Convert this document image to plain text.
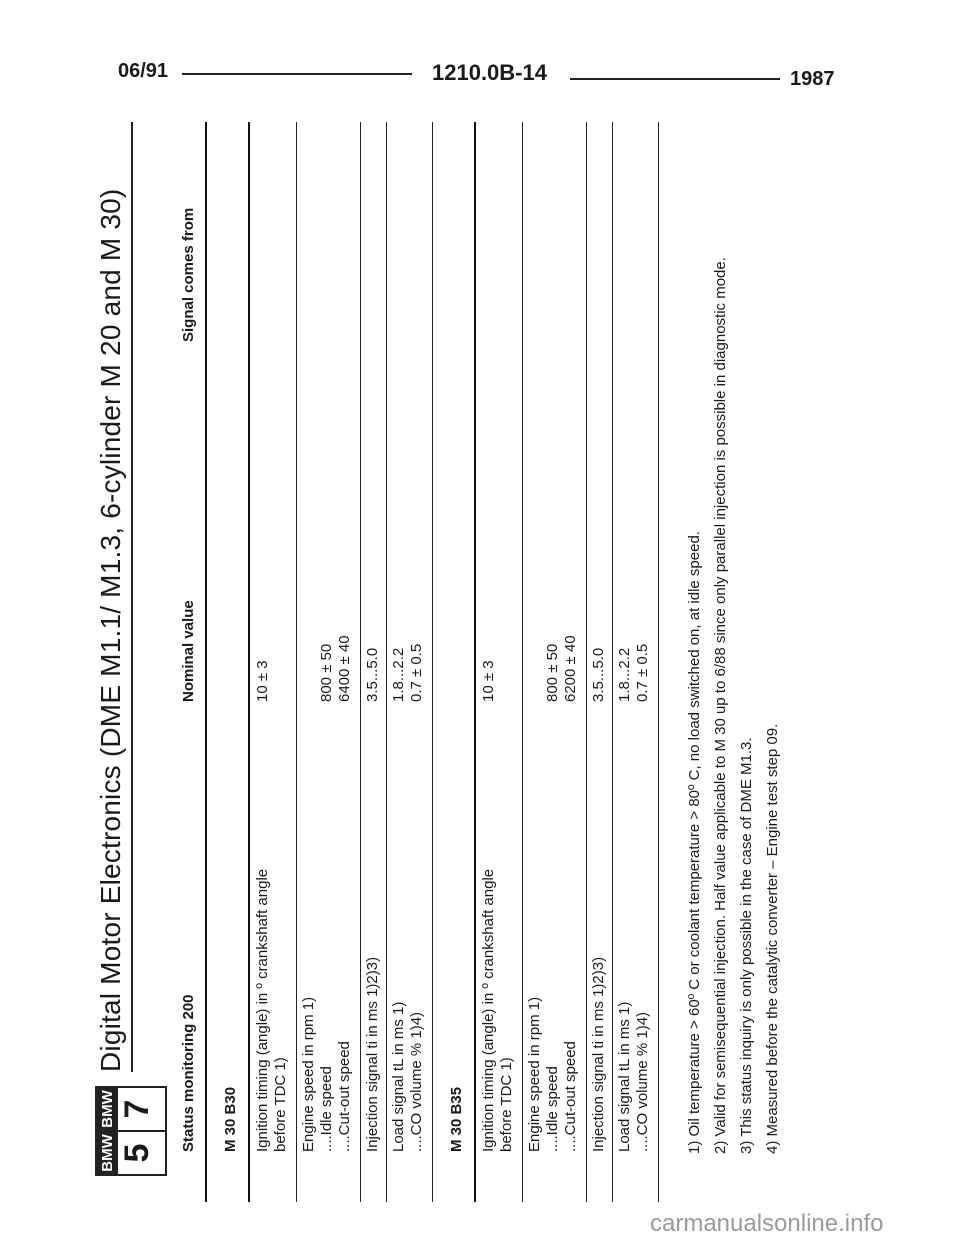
06/91	1210.0B-14	1987
BMW 5
BMW 7
Digital Motor Electronics (DME M1.1/ M1.3, 6-cylinder M 20 and M 30)
Status monitoring 200
Nominal value
Signal comes from
M 30 B30 Ignition timing (angle) in º crankshaft angle before TDC 1)
10 ± 3
Engine speed in rpm 1) ....Idle speed ....Cut-out speed
800 ± 50 6400 ± 40
Injection signal ti in ms 1)2)3)
3.5...5.0
Load signal tL in ms 1) ....CO volume % 1)4)
1.8...2.2 0.7 ± 0.5
M 30 B35 Ignition timing (angle) in º crankshaft angle before TDC 1)
10 ± 3
Engine speed in rpm 1) ....Idle speed ....Cut-out speed
800 ± 50 6200 ± 40
Injection signal ti in ms 1)2)3)
3.5...5.0
Load signal tL in ms 1) ....CO volume % 1)4)
1.8...2.2 0.7 ± 0.5 1) Oil temperature > 60º C or coolant temperature > 80º C, no load switched on, at idle speed. 2) Valid for semisequential injection. Half value applicable to M 30 up to 6/88 since only parallel injection is possible in diagnostic mode. 3) This status inquiry is only possible in the case of DME M1.3. 4) Measured before the catalytic converter – Engine test step 09.
carmanualsonline.info
